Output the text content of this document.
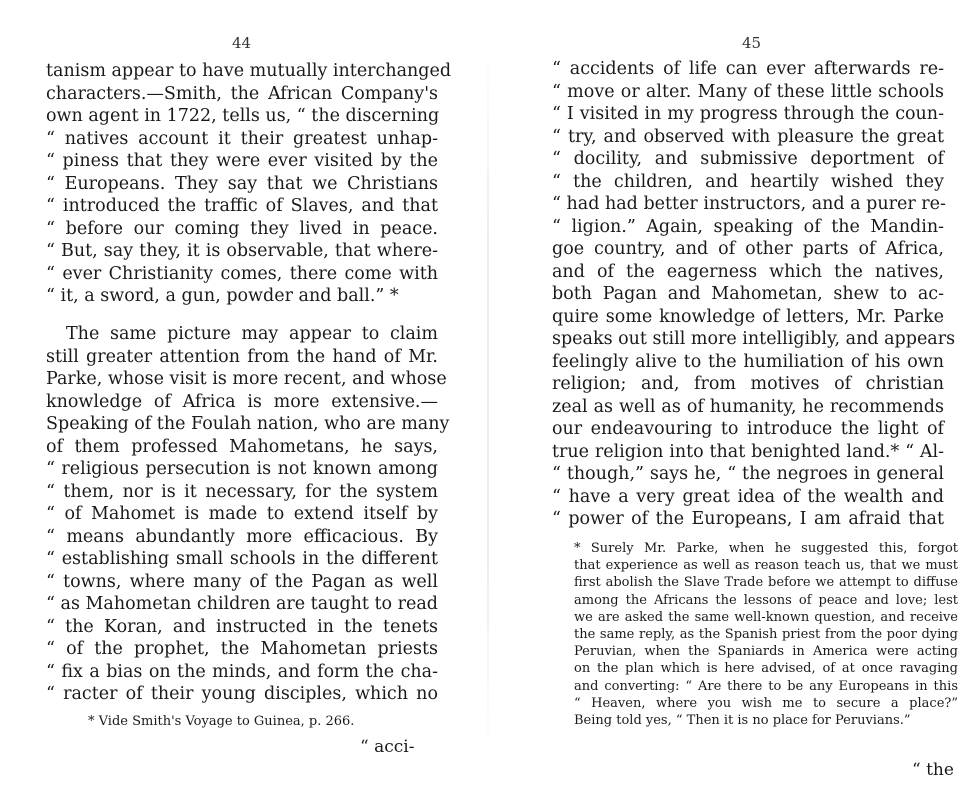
44
tanism appear to have mutually interchanged
characters.—Smith, the African Company's
own agent in 1722, tells us, “ the discerning
“ natives account it their greatest unhap-
“ piness that they were ever visited by the
“ Europeans. They say that we Christians
“ introduced the traffic of Slaves, and that
“ before our coming they lived in peace.
“ But, say they, it is observable, that where-
“ ever Christianity comes, there come with
“ it, a sword, a gun, powder and ball.” *
The same picture may appear to claim
still greater attention from the hand of Mr.
Parke, whose visit is more recent, and whose
knowledge of Africa is more extensive.—
Speaking of the Foulah nation, who are many
of them professed Mahometans, he says,
“ religious persecution is not known among
“ them, nor is it necessary, for the system
“ of Mahomet is made to extend itself by
“ means abundantly more efficacious. By
“ establishing small schools in the different
“ towns, where many of the Pagan as well
“ as Mahometan children are taught to read
“ the Koran, and instructed in the tenets
“ of the prophet, the Mahometan priests
“ fix a bias on the minds, and form the cha-
“ racter of their young disciples, which no
* Vide Smith's Voyage to Guinea, p. 266.
“ acci-
45
“ accidents of life can ever afterwards re-
“ move or alter. Many of these little schools
“ I visited in my progress through the coun-
“ try, and observed with pleasure the great
“ docility, and submissive deportment of
“ the children, and heartily wished they
“ had had better instructors, and a purer re-
“ ligion.” Again, speaking of the Mandin-
goe country, and of other parts of Africa,
and of the eagerness which the natives,
both Pagan and Mahometan, shew to ac-
quire some knowledge of letters, Mr. Parke
speaks out still more intelligibly, and appears
feelingly alive to the humiliation of his own
religion; and, from motives of christian
zeal as well as of humanity, he recommends
our endeavouring to introduce the light of
true religion into that benighted land.* “ Al-
“ though,” says he, “ the negroes in general
“ have a very great idea of the wealth and
“ power of the Europeans, I am afraid that
* Surely Mr. Parke, when he suggested this, forgot
that experience as well as reason teach us, that we must
first abolish the Slave Trade before we attempt to diffuse
among the Africans the lessons of peace and love; lest
we are asked the same well-known question, and receive
the same reply, as the Spanish priest from the poor dying
Peruvian, when the Spaniards in America were acting
on the plan which is here advised, of at once ravaging
and converting: “ Are there to be any Europeans in this
“ Heaven, where you wish me to secure a place?”
Being told yes, “ Then it is no place for Peruvians.”
“ the
